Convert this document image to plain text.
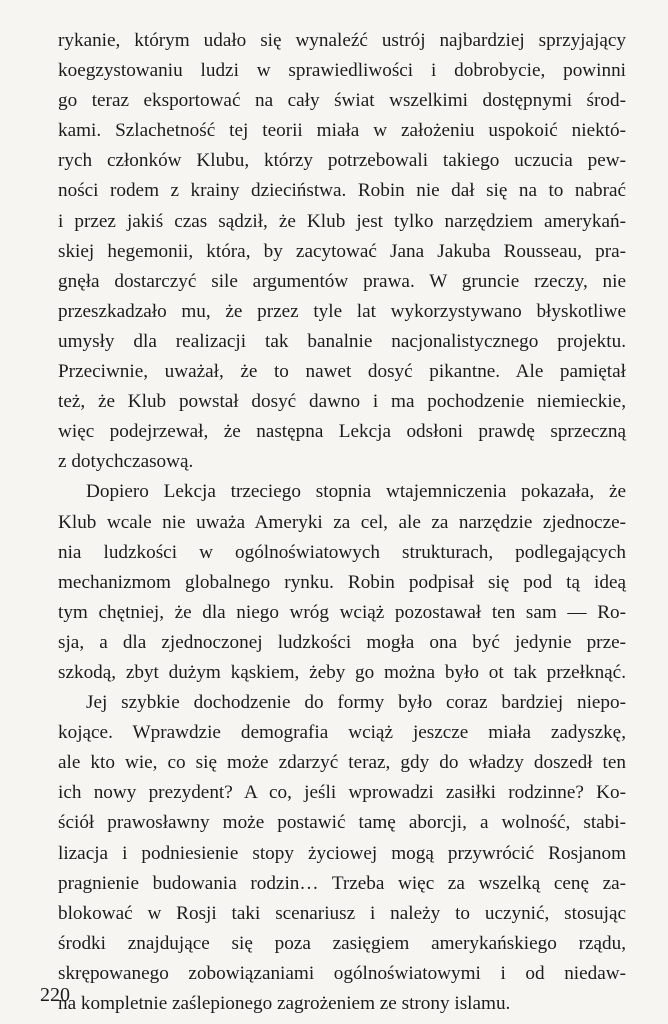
rykanie, którym udało się wynaleźć ustrój najbardziej sprzyjający
koegzystowaniu ludzi w sprawiedliwości i dobrobycie, powinni
go teraz eksportować na cały świat wszelkimi dostępnymi środ-
kami. Szlachetność tej teorii miała w założeniu uspokoić niektó-
rych członków Klubu, którzy potrzebowali takiego uczucia pew-
ności rodem z krainy dzieciństwa. Robin nie dał się na to nabrać
i przez jakiś czas sądził, że Klub jest tylko narzędziem amerykań-
skiej hegemonii, która, by zacytować Jana Jakuba Rousseau, pra-
gnęła dostarczyć sile argumentów prawa. W gruncie rzeczy, nie
przeszkadzało mu, że przez tyle lat wykorzystywano błyskotliwe
umysły dla realizacji tak banalnie nacjonalistycznego projektu.
Przeciwnie, uważał, że to nawet dosyć pikantne. Ale pamiętał
też, że Klub powstał dosyć dawno i ma pochodzenie niemieckie,
więc podejrzewał, że następna Lekcja odsłoni prawdę sprzeczną
z dotychczasową.
Dopiero Lekcja trzeciego stopnia wtajemniczenia pokazała, że
Klub wcale nie uważa Ameryki za cel, ale za narzędzie zjednocze-
nia ludzkości w ogólnoświatowych strukturach, podlegających
mechanizmom globalnego rynku. Robin podpisał się pod tą ideą
tym chętniej, że dla niego wróg wciąż pozostawał ten sam — Ro-
sja, a dla zjednoczonej ludzkości mogła ona być jedynie prze-
szkodą, zbyt dużym kąskiem, żeby go można było ot tak przełknąć.
Jej szybkie dochodzenie do formy było coraz bardziej niepo-
kojące. Wprawdzie demografia wciąż jeszcze miała zadyszkę,
ale kto wie, co się może zdarzyć teraz, gdy do władzy doszedł ten
ich nowy prezydent? A co, jeśli wprowadzi zasiłki rodzinne? Ko-
ściół prawosławny może postawić tamę aborcji, a wolność, stabi-
lizacja i podniesienie stopy życiowej mogą przywrócić Rosjanom
pragnienie budowania rodzin… Trzeba więc za wszelką cenę za-
blokować w Rosji taki scenariusz i należy to uczynić, stosując
środki znajdujące się poza zasięgiem amerykańskiego rządu,
skrępowanego zobowiązaniami ogólnoświatowymi i od niedaw-
na kompletnie zaślepionego zagrożeniem ze strony islamu.
220
